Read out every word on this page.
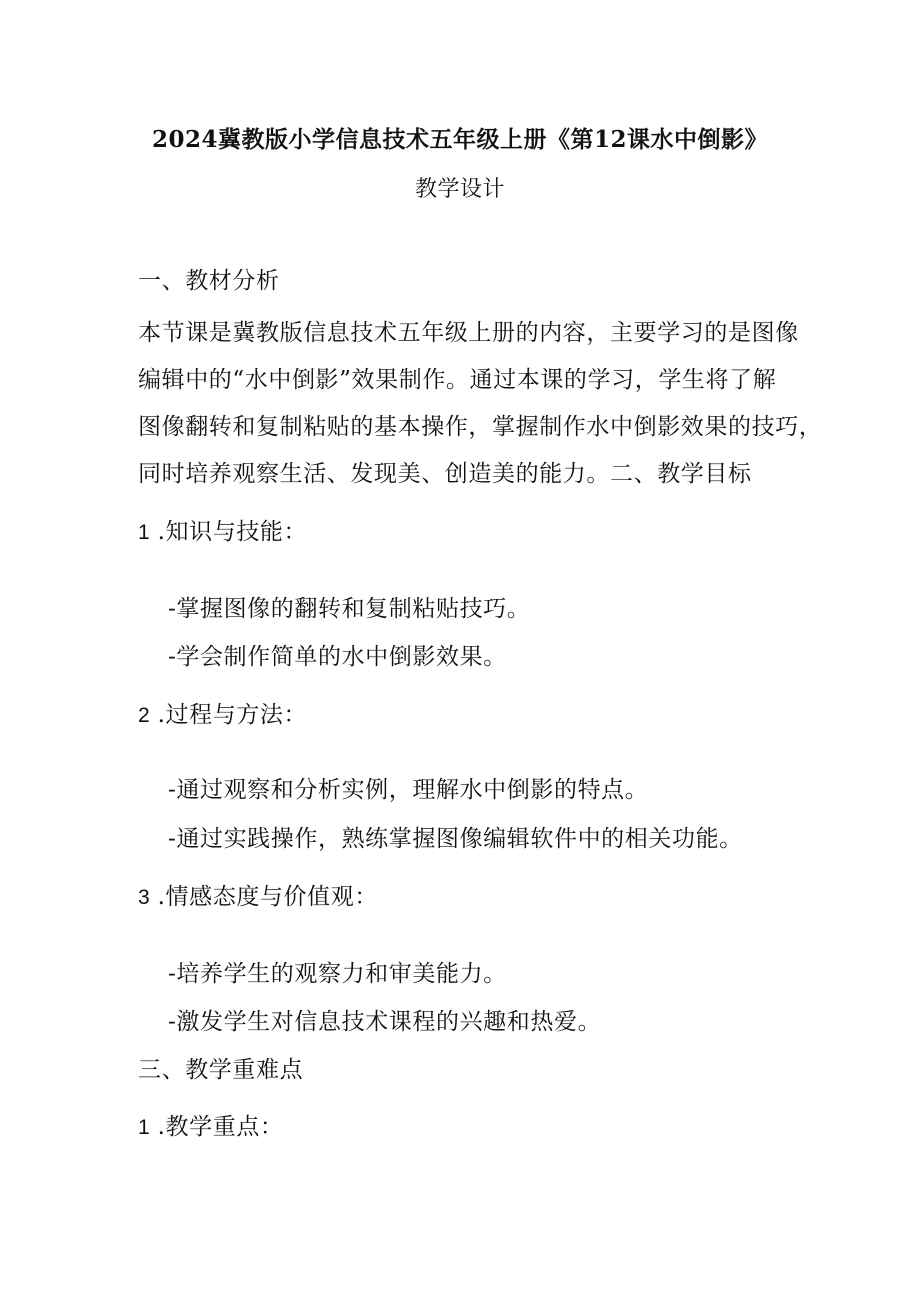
2024冀教版小学信息技术五年级上册《第12课水中倒影》
教学设计
一、教材分析
本节课是冀教版信息技术五年级上册的内容，主要学习的是图像
编辑中的“水中倒影”效果制作。通过本课的学习，学生将了解
图像翻转和复制粘贴的基本操作，掌握制作水中倒影效果的技巧，
同时培养观察生活、发现美、创造美的能力。二、教学目标
1 .知识与技能：
-掌握图像的翻转和复制粘贴技巧。
-学会制作简单的水中倒影效果。
2 .过程与方法：
-通过观察和分析实例，理解水中倒影的特点。
-通过实践操作，熟练掌握图像编辑软件中的相关功能。
3 .情感态度与价值观：
-培养学生的观察力和审美能力。
-激发学生对信息技术课程的兴趣和热爱。
三、教学重难点
1 .教学重点：
